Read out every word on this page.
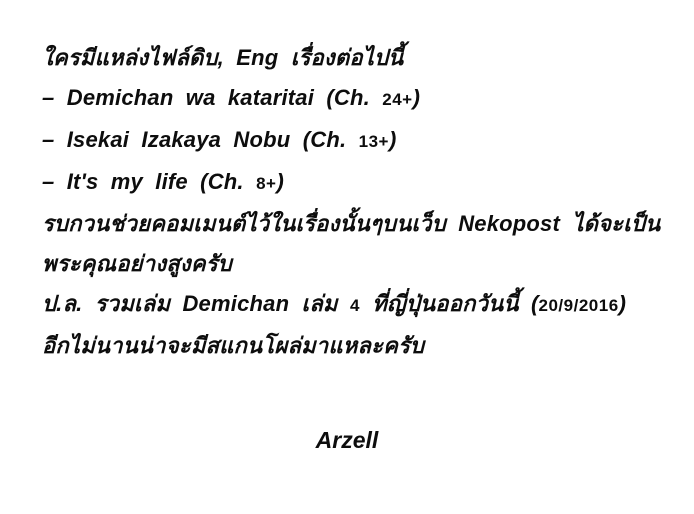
ใครมีแหล่งไฟล์ดิบ, Eng เรื่องต่อไปนี้

– Demichan wa kataritai (Ch. 24+)

– Isekai Izakaya Nobu (Ch. 13+)

– It's my life (Ch. 8+)

รบกวนช่วยคอมเมนต์ไว้ในเรื่องนั้นๆบนเว็บ Nekopost ได้จะเป็น

พระคุณอย่างสูงครับ

ป.ล. รวมเล่ม Demichan เล่ม 4 ที่ญี่ปุ่นออกวันนี้ (20/9/2016)

อีกไม่นานน่าจะมีสแกนโผล่มาแหละครับ

Arzell
